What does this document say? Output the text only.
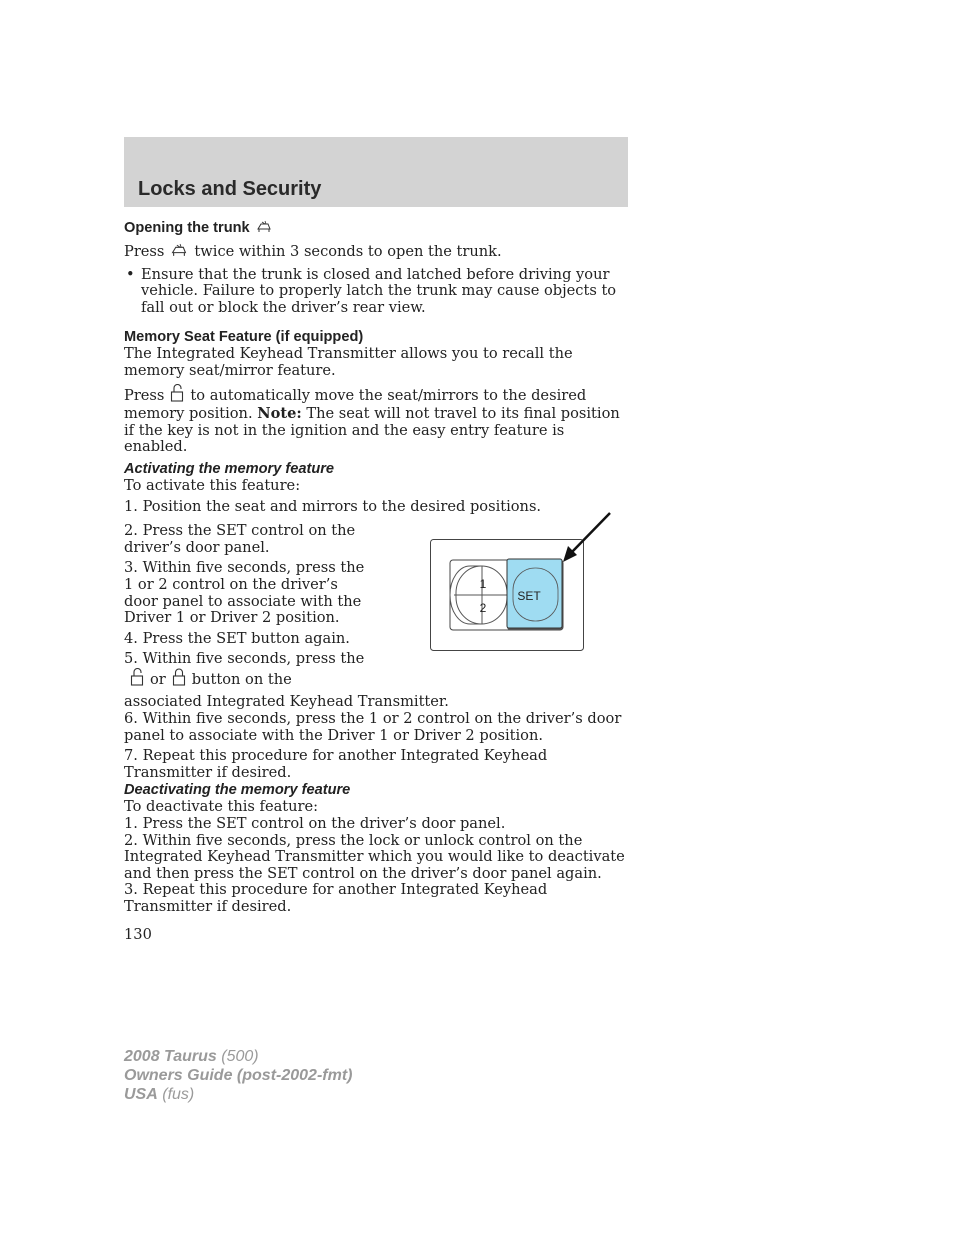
Locks and Security
Opening the trunk

Press twice within 3 seconds to open the trunk.

• Ensure that the trunk is closed and latched before driving your vehicle. Failure to properly latch the trunk may cause objects to fall out or block the driver’s rear view.
Memory Seat Feature (if equipped)

The Integrated Keyhead Transmitter allows you to recall the memory seat/mirror feature.

Press to automatically move the seat/mirrors to the desired memory position. Note: The seat will not travel to its final position if the key is not in the ignition and the easy entry feature is enabled.

Activating the memory feature

To activate this feature:

1. Position the seat and mirrors to the desired positions.

2. Press the SET control on the driver’s door panel.

3. Within five seconds, press the 1 or 2 control on the driver’s door panel to associate with the Driver 1 or Driver 2 position.

4. Press the SET button again.

5. Within five seconds, press theor button on the

associated Integrated Keyhead Transmitter.

6. Within five seconds, press the 1 or 2 control on the driver’s door panel to associate with the Driver 1 or Driver 2 position.

7. Repeat this procedure for another Integrated Keyhead Transmitter if desired.

Deactivating the memory feature

To deactivate this feature:

1. Press the SET control on the driver’s door panel.

2. Within five seconds, press the lock or unlock control on the Integrated Keyhead Transmitter which you would like to deactivate and then press the SET control on the driver’s door panel again.

3. Repeat this procedure for another Integrated Keyhead Transmitter if desired.

1
2
SET
130
2008 Taurus (500)
Owners Guide (post-2002-fmt)
USA (fus)
